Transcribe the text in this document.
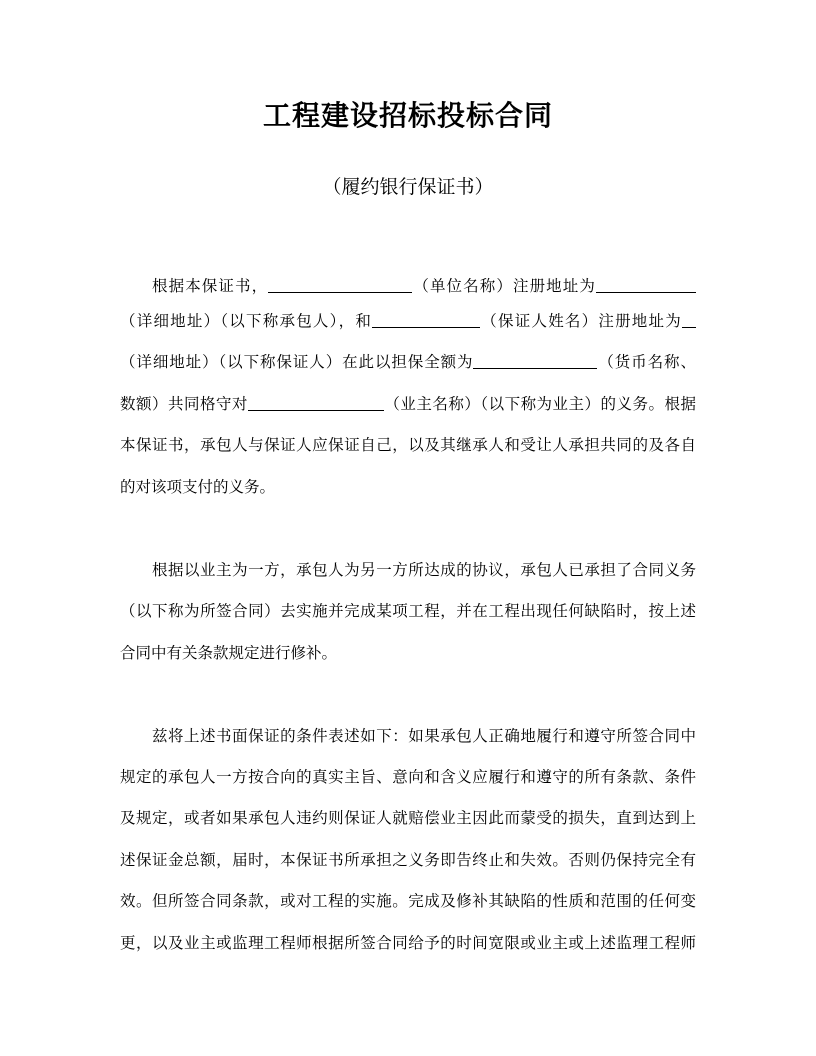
工程建设招标投标合同
（履约银行保证书）
根据本保证书，	（单位名称）注册地址为
（详细地址）（以下称承包人），和	（保证人姓名）注册地址为
（详细地址）（以下称保证人）在此以担保全额为	（货币名称、
数额）共同格守对	（业主名称）（以下称为业主）的义务。根据
本保证书，承包人与保证人应保证自己，以及其继承人和受让人承担共同的及各自
的对该项支付的义务。
根据以业主为一方，承包人为另一方所达成的协议，承包人已承担了合同义务
（以下称为所签合同）去实施并完成某项工程，并在工程出现任何缺陷时，按上述
合同中有关条款规定进行修补。
兹将上述书面保证的条件表述如下：如果承包人正确地履行和遵守所签合同中
规定的承包人一方按合向的真实主旨、意向和含义应履行和遵守的所有条款、条件
及规定，或者如果承包人违约则保证人就赔偿业主因此而蒙受的损失，直到达到上
述保证金总额，届时，本保证书所承担之义务即告终止和失效。否则仍保持完全有
效。但所签合同条款，或对工程的实施。完成及修补其缺陷的性质和范围的任何变
更，以及业主或监理工程师根据所签合同给予的时间宽限或业主或上述监理工程师
